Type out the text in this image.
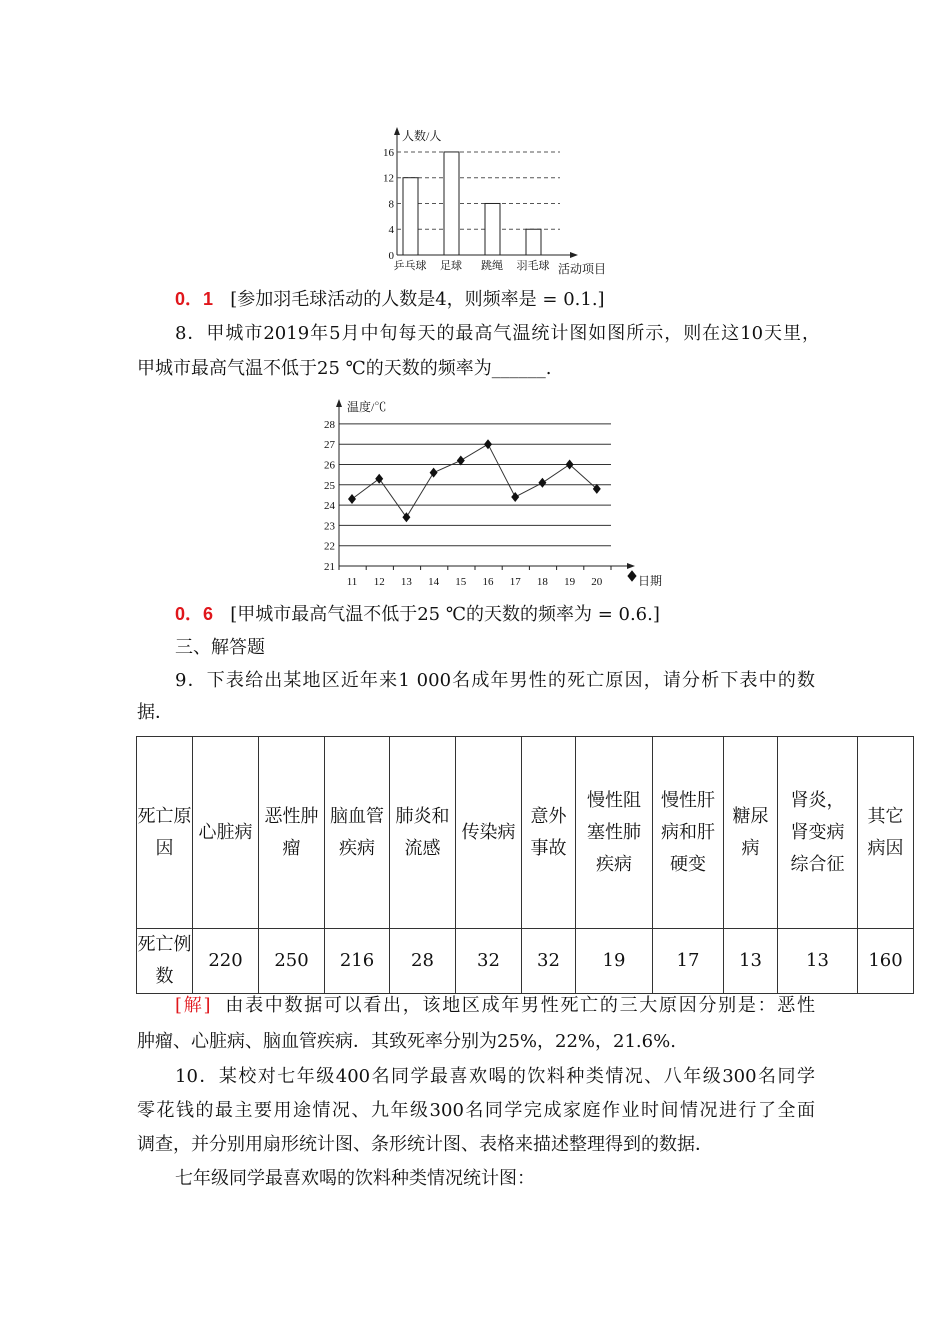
0
4
8
12
16
人数/人
乒乓球 足球 跳绳 羽毛球 活动项目
0．1 [参加羽毛球活动的人数是4，则频率是 = 0.1.]
8．甲城市2019年5月中旬每天的最高气温统计图如图所示，则在这10天里，
甲城市最高气温不低于25 ℃的天数的频率为______.
21
22
23
24
25
26
27
28
温度/℃
11 12 13 14 15 16 17 18 19 20	日期
0．6 [甲城市最高气温不低于25 ℃的天数的频率为 = 0.6.]
三、解答题
9．下表给出某地区近年来1 000名成年男性的死亡原因，请分析下表中的数
据．
死亡原因	心脏病	恶性肿瘤	脑血管疾病	肺炎和流感	传染病	意外事故	慢性阻塞性肺疾病	慢性肝病和肝硬变	糖尿病	肾炎，肾变病综合征	其它病因
死亡例数	220	250	216	28	32	32	19	17	13	13	160
[解] 由表中数据可以看出，该地区成年男性死亡的三大原因分别是：恶性
肿瘤、心脏病、脑血管疾病．其致死率分别为25%，22%，21.6%.
10．某校对七年级400名同学最喜欢喝的饮料种类情况、八年级300名同学
零花钱的最主要用途情况、九年级300名同学完成家庭作业时间情况进行了全面
调查，并分别用扇形统计图、条形统计图、表格来描述整理得到的数据．
七年级同学最喜欢喝的饮料种类情况统计图：
